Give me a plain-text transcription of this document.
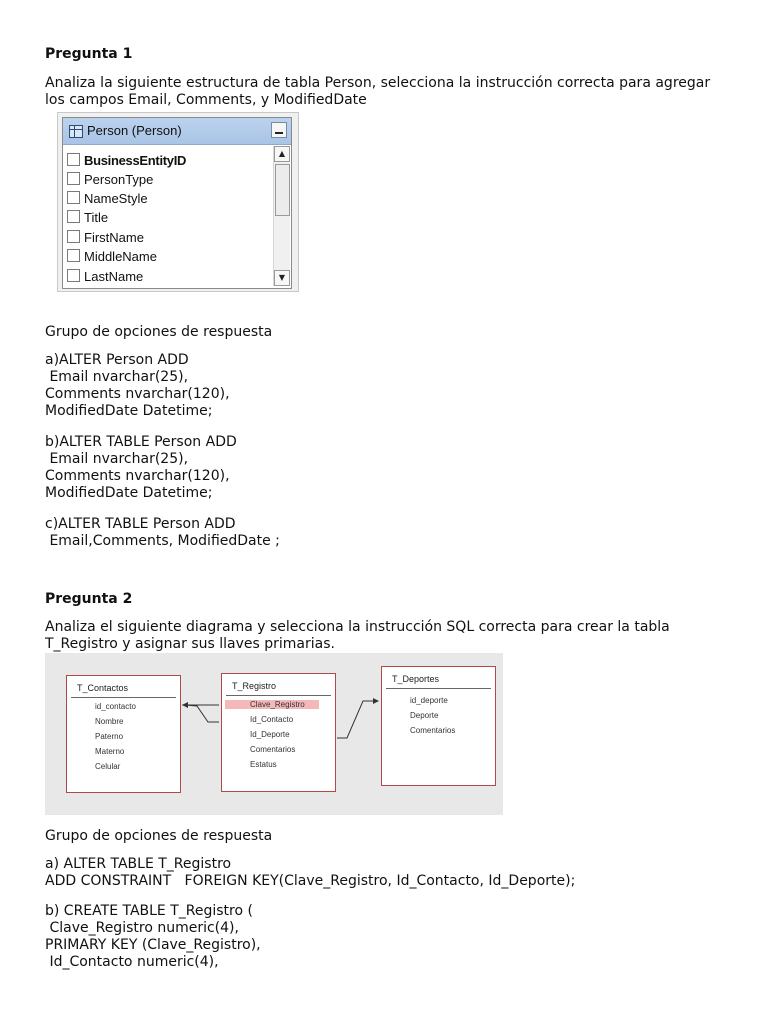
Pregunta 1
Analiza la siguiente estructura de tabla Person, selecciona la instrucción correcta para agregar
los campos Email, Comments, y ModifiedDate
Grupo de opciones de respuesta
a)ALTER Person ADD
Email nvarchar(25),
Comments nvarchar(120),
ModifiedDate Datetime;
b)ALTER TABLE Person ADD
Email nvarchar(25),
Comments nvarchar(120),
ModifiedDate Datetime;
c)ALTER TABLE Person ADD
Email,Comments, ModifiedDate ;
Pregunta 2
Analiza el siguiente diagrama y selecciona la instrucción SQL correcta para crear la tabla
T_Registro y asignar sus llaves primarias.
Grupo de opciones de respuesta
a) ALTER TABLE T_Registro
ADD CONSTRAINT   FOREIGN KEY(Clave_Registro, Id_Contacto, Id_Deporte);
b) CREATE TABLE T_Registro (
Clave_Registro numeric(4),
PRIMARY KEY (Clave_Registro),
Id_Contacto numeric(4),
Person (Person)
BusinessEntityID
PersonType
NameStyle
Title
FirstName
MiddleName
LastName
▲
▼
T_Contactos
id_contacto
Nombre
Paterno
Materno
Celular
T_Registro
Clave_Registro
Id_Contacto
Id_Deporte
Comentarios
Estatus
T_Deportes
id_deporte
Deporte
Comentarios
